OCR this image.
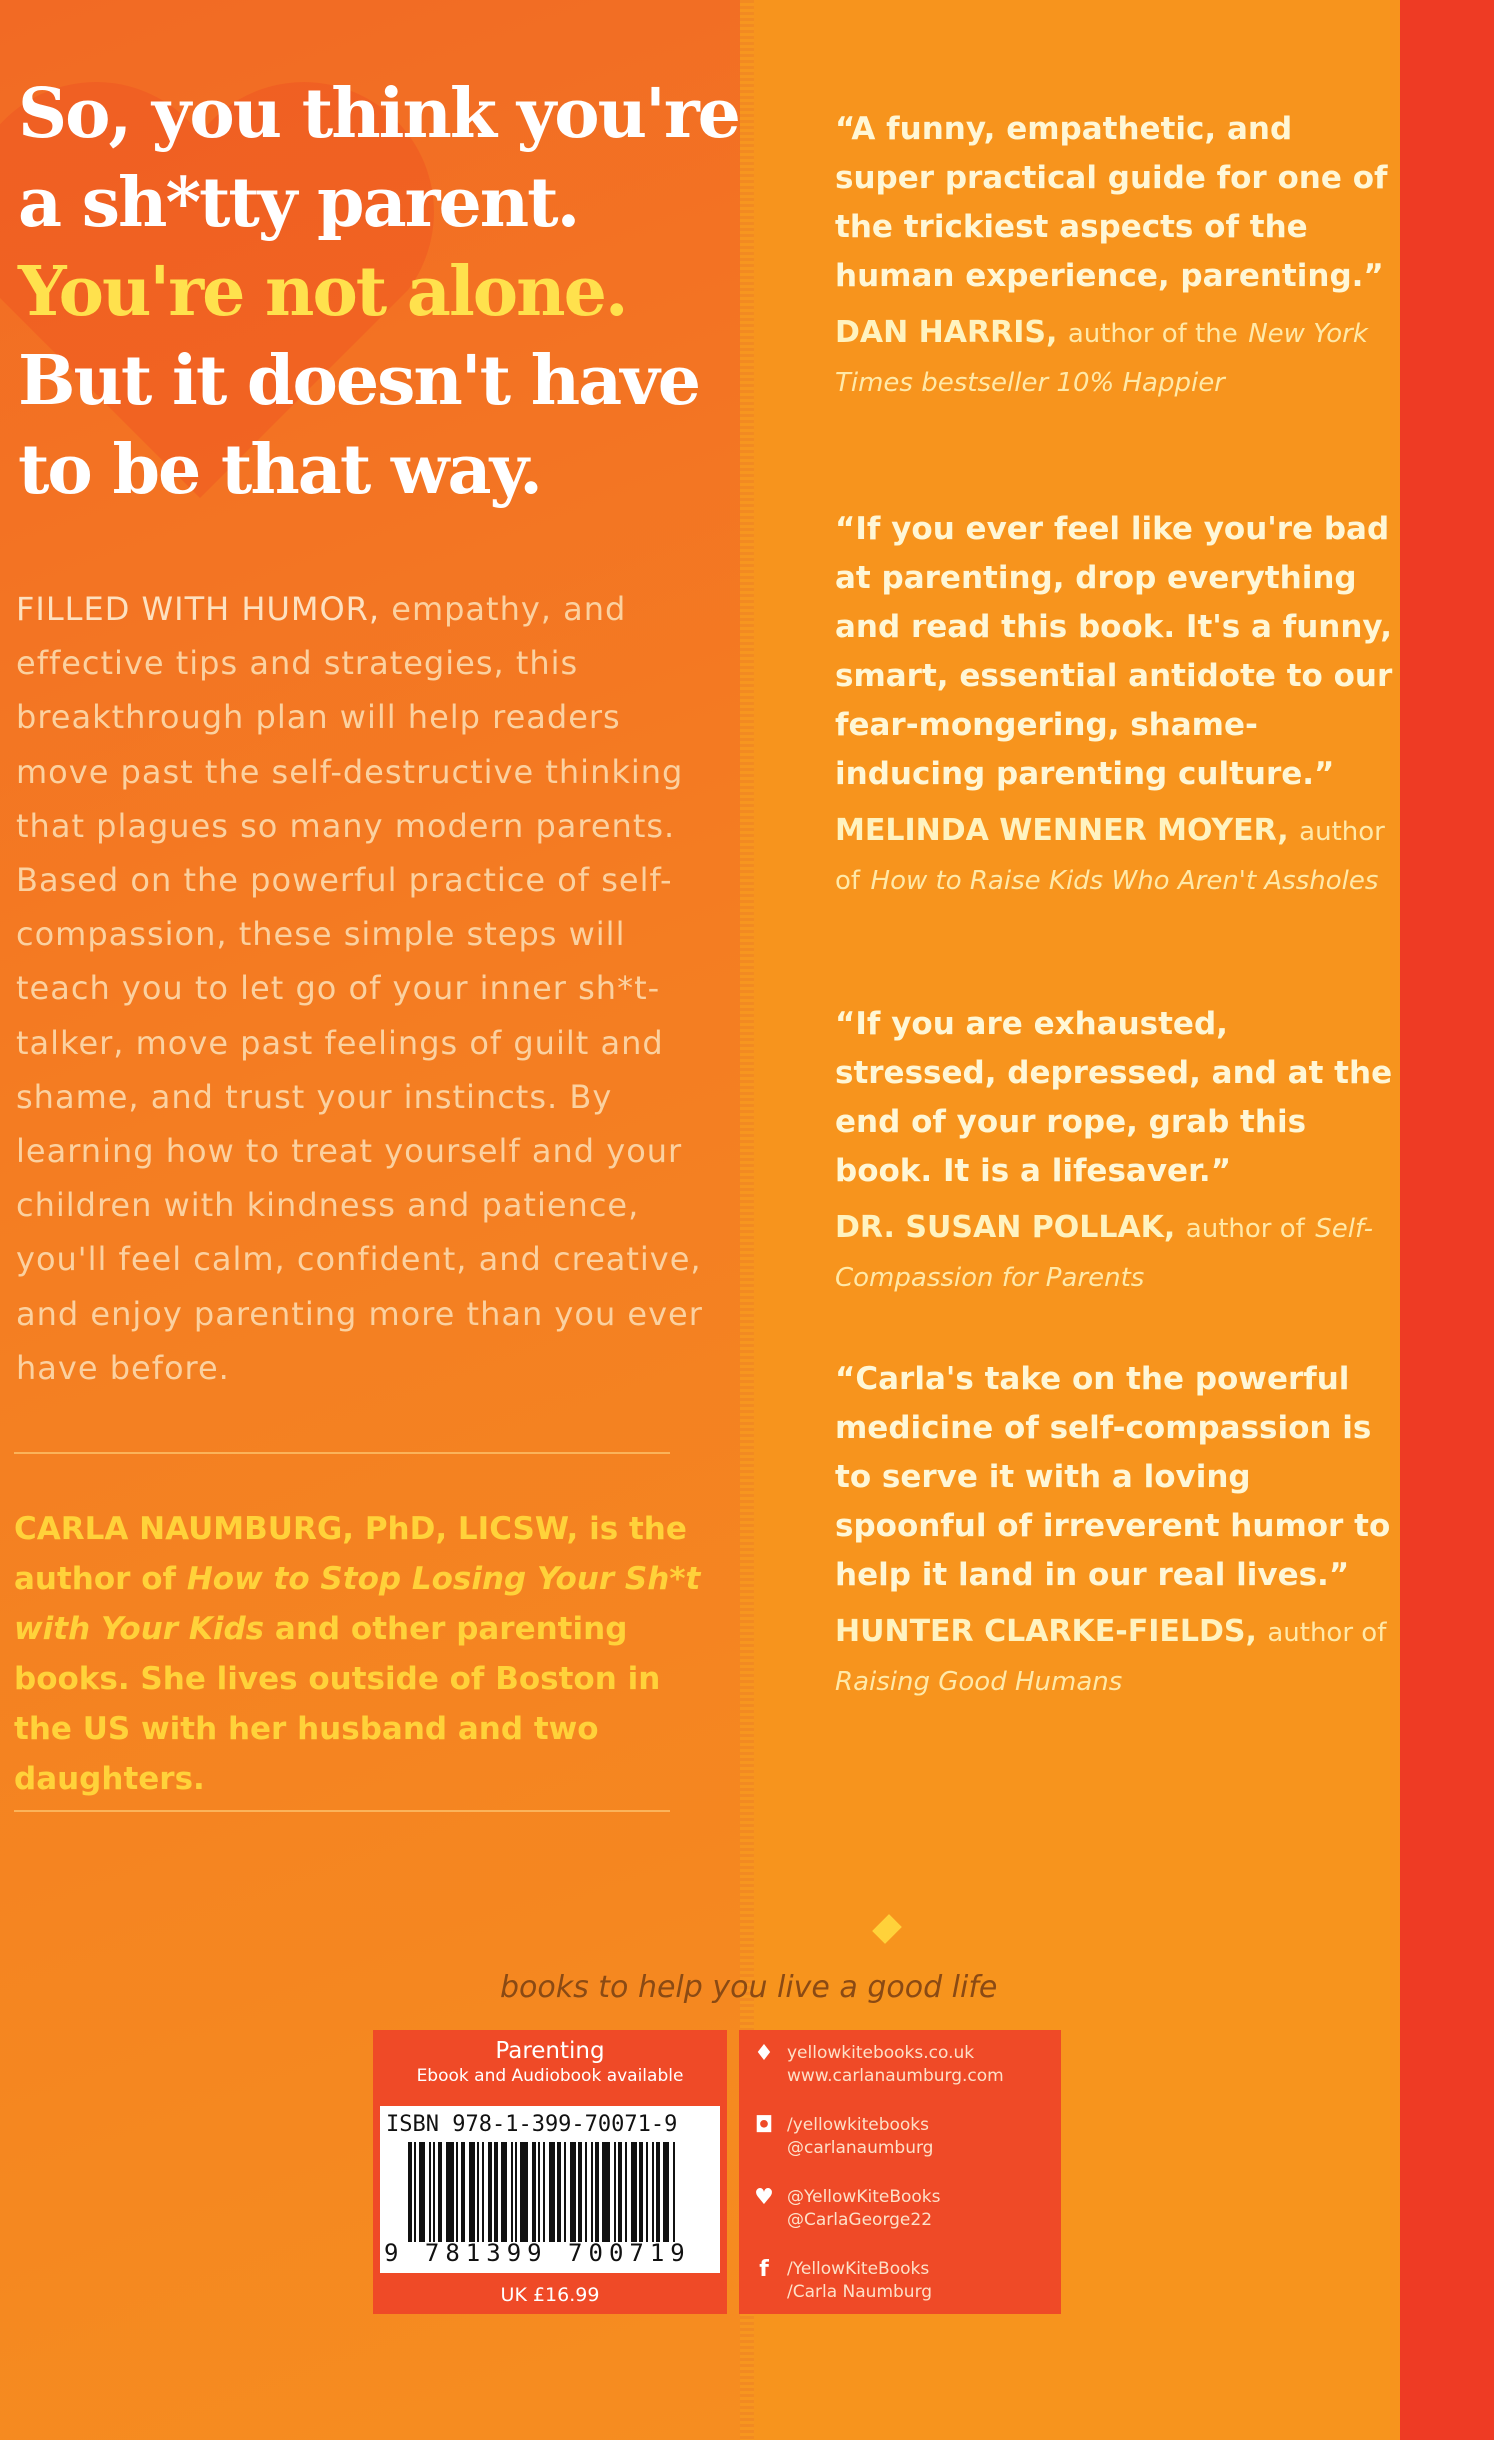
So, you think you're
a sh*tty parent.
You're not alone.
But it doesn't have
to be that way.
FILLED WITH HUMOR, empathy, and effective tips and strategies, this breakthrough plan will help readers move past the self-destructive thinking that plagues so many modern parents. Based on the powerful practice of self-compassion, these simple steps will teach you to let go of your inner sh*t-talker, move past feelings of guilt and shame, and trust your instincts. By learning how to treat yourself and your children with kindness and patience, you'll feel calm, confident, and creative, and enjoy parenting more than you ever have before.
CARLA NAUMBURG, PhD, LICSW, is the author of How to Stop Losing Your Sh*t with Your Kids and other parenting books. She lives outside of Boston in the US with her husband and two daughters.
“A funny, empathetic, and super practical guide for one of the trickiest aspects of the human experience, parenting.”
DAN HARRIS, author of the New York Times bestseller 10% Happier
“If you ever feel like you're bad at parenting, drop everything and read this book. It's a funny, smart, essential antidote to our fear-mongering, shame-inducing parenting culture.”
MELINDA WENNER MOYER, author of How to Raise Kids Who Aren't Assholes
“If you are exhausted, stressed, depressed, and at the end of your rope, grab this book. It is a lifesaver.”
DR. SUSAN POLLAK, author of Self-Compassion for Parents
“Carla's take on the powerful medicine of self-compassion is to serve it with a loving spoonful of irreverent humor to help it land in our real lives.”
HUNTER CLARKE-FIELDS, author of Raising Good Humans
books to help you live a good life
Parenting
Ebook and Audiobook available
ISBN 978-1-399-70071-9
9 781399 700719
UK £16.99
♦ yellowkitebooks.co.uk
www.carlanaumburg.com
◘ /yellowkitebooks
@carlanaumburg
♥ @YellowKiteBooks
@CarlaGeorge22
f	/YellowKiteBooks
/Carla Naumburg
